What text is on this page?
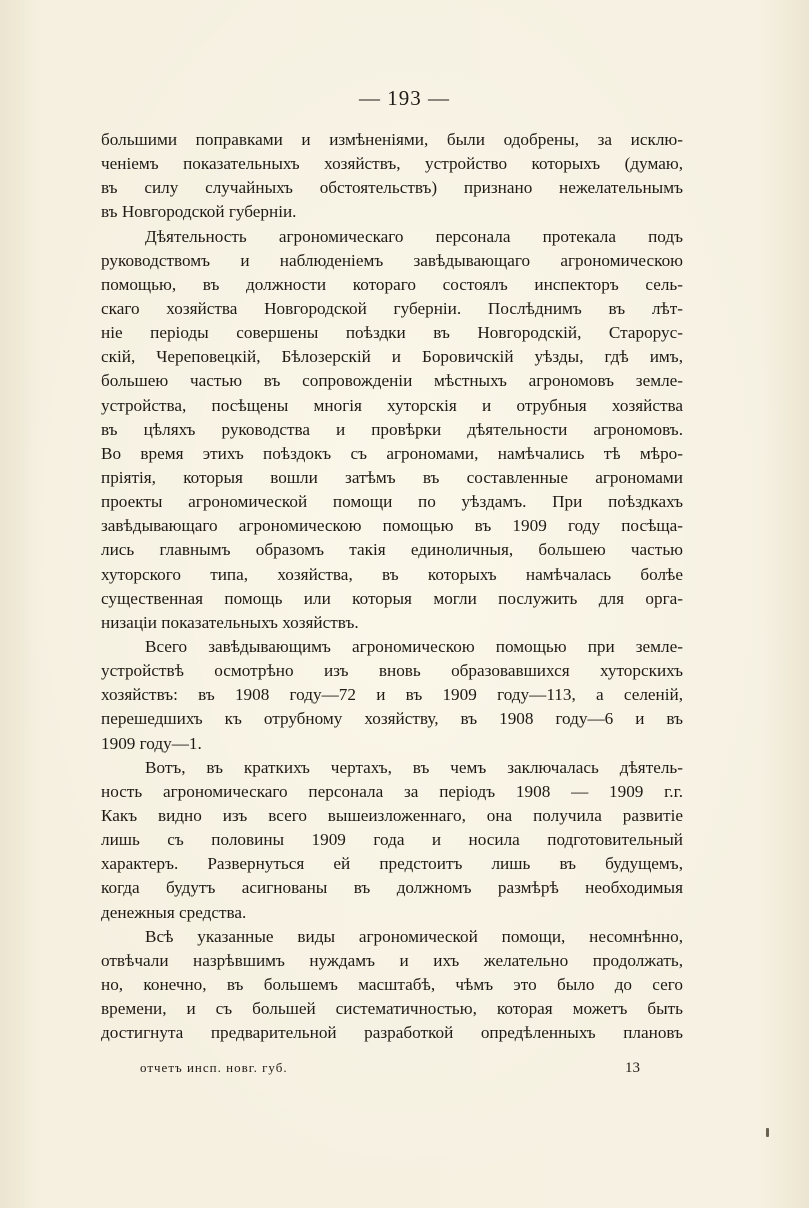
— 193 —
большими поправками и измѣненіями, были одобрены, за исклю-
ченіемъ показательныхъ хозяйствъ, устройство которыхъ (думаю,
въ силу случайныхъ обстоятельствъ) признано нежелательнымъ
въ Новгородской губерніи.
Дѣятельность агрономическаго персонала протекала подъ
руководствомъ и наблюденіемъ завѣдывающаго агрономическою
помощью, въ должности котораго состоялъ инспекторъ сель-
скаго хозяйства Новгородской губерніи. Послѣднимъ въ лѣт-
ніе періоды совершены поѣздки въ Новгородскій, Старорус-
скій, Череповецкій, Бѣлозерскій и Боровичскій уѣзды, гдѣ имъ,
большею частью въ сопровожденіи мѣстныхъ агрономовъ земле-
устройства, посѣщены многія хуторскія и отрубныя хозяйства
въ цѣляхъ руководства и провѣрки дѣятельности агрономовъ.
Во время этихъ поѣздокъ съ агрономами, намѣчались тѣ мѣро-
пріятія, которыя вошли затѣмъ въ составленные агрономами
проекты агрономической помощи по уѣздамъ. При поѣздкахъ
завѣдывающаго агрономическою помощью въ 1909 году посѣща-
лись главнымъ образомъ такія единоличныя, большею частью
хуторского типа, хозяйства, въ которыхъ намѣчалась болѣе
существенная помощь или которыя могли послужить для орга-
низаціи показательныхъ хозяйствъ.
Всего завѣдывающимъ агрономическою помощью при земле-
устройствѣ осмотрѣно изъ вновь образовавшихся хуторскихъ
хозяйствъ: въ 1908 году—72 и въ 1909 году—113, а селеній,
перешедшихъ къ отрубному хозяйству, въ 1908 году—6 и въ
1909 году—1.
Вотъ, въ краткихъ чертахъ, въ чемъ заключалась дѣятель-
ность агрономическаго персонала за періодъ 1908 — 1909 г.г.
Какъ видно изъ всего вышеизложеннаго, она получила развитіе
лишь съ половины 1909 года и носила подготовительный
характеръ. Развернуться ей предстоитъ лишь въ будущемъ,
когда будутъ асигнованы въ должномъ размѣрѣ необходимыя
денежныя средства.
Всѣ указанные виды агрономической помощи, несомнѣнно,
отвѣчали назрѣвшимъ нуждамъ и ихъ желательно продолжать,
но, конечно, въ большемъ масштабѣ, чѣмъ это было до сего
времени, и съ большей систематичностью, которая можетъ быть
достигнута предварительной разработкой опредѣленныхъ плановъ
отчетъ инсп. новг. губ.	13
